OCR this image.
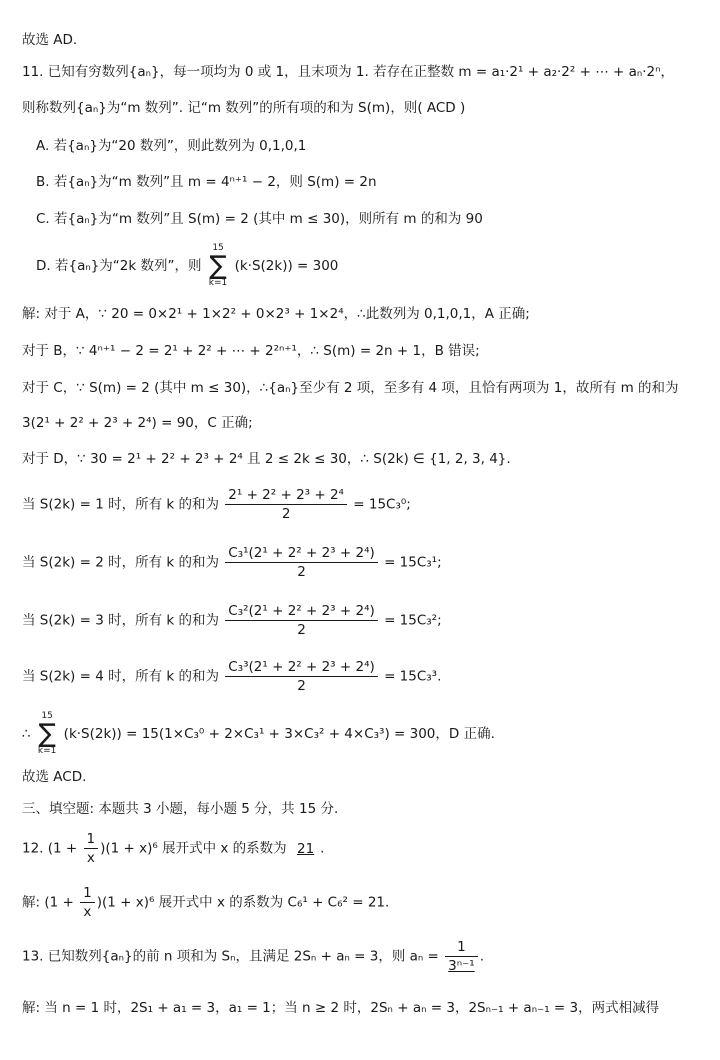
故选 AD.
11. 已知有穷数列{aₙ}，每一项均为 0 或 1，且末项为 1. 若存在正整数 m = a₁·2¹ + a₂·2² + ⋯ + aₙ·2ⁿ，
则称数列{aₙ}为“m 数列”. 记“m 数列”的所有项的和为 S(m)，则( ACD )
A. 若{aₙ}为“20 数列”，则此数列为 0,1,0,1
B. 若{aₙ}为“m 数列”且 m = 4ⁿ⁺¹ − 2，则 S(m) = 2n
C. 若{aₙ}为“m 数列”且 S(m) = 2 (其中 m ≤ 30)，则所有 m 的和为 90
D. 若{aₙ}为“2k 数列”，则
15
∑
k=1
(k·S(2k)) = 300
解: 对于 A，∵ 20 = 0×2¹ + 1×2² + 0×2³ + 1×2⁴，∴此数列为 0,1,0,1，A 正确;
对于 B，∵ 4ⁿ⁺¹ − 2 = 2¹ + 2² + ⋯ + 2²ⁿ⁺¹，∴ S(m) = 2n + 1，B 错误;
对于 C，∵ S(m) = 2 (其中 m ≤ 30)，∴{aₙ}至少有 2 项，至多有 4 项，且恰有两项为 1，故所有 m 的和为
3(2¹ + 2² + 2³ + 2⁴) = 90，C 正确;
对于 D，∵ 30 = 2¹ + 2² + 2³ + 2⁴ 且 2 ≤ 2k ≤ 30，∴ S(2k) ∈ {1, 2, 3, 4}.
当 S(2k) = 1 时，所有 k 的和为 $\frac{\text{2¹ + 2² + 2³ + 2⁴}}{2} = 15C_3^0$;
当 S(2k) = 2 时，所有 k 的和为 $\frac{\text{C₃¹(2¹ + 2² + 2³ + 2⁴)}}{2} = 15C_3^1$;
当 S(2k) = 3 时，所有 k 的和为 $\frac{\text{C₃²(2¹ + 2² + 2³ + 2⁴)}}{2} = 15C_3^2$;
当 S(2k) = 4 时，所有 k 的和为 $\frac{\text{C₃³(2¹ + 2² + 2³ + 2⁴)}}{2} = 15C_3^3$.
∴
15
∑
k=1
(k·S(2k)) = 15(1×C₃⁰ + 2×C₃¹ + 3×C₃² + 4×C₃³) = 300，D 正确.
故选 ACD.
三、填空题: 本题共 3 小题，每小题 5 分，共 15 分.
12. $(1 + \frac{1}{x} )(1 + x)^6$ 展开式中 x 的系数为 21 .
解: $(1 + \frac{1}{x} )(1 + x)^6$ 展开式中 x 的系数为 C₆¹ + C₆² = 21.
13. 已知数列{aₙ}的前 n 项和为 Sₙ，且满足 2Sₙ + aₙ = 3，则 $a_n = \frac{1}{\text{3ⁿ⁻¹}}$ .
解: 当 n = 1 时，2S₁ + a₁ = 3，a₁ = 1；当 n ≥ 2 时，2Sₙ + aₙ = 3，2Sₙ₋₁ + aₙ₋₁ = 3，两式相减得
